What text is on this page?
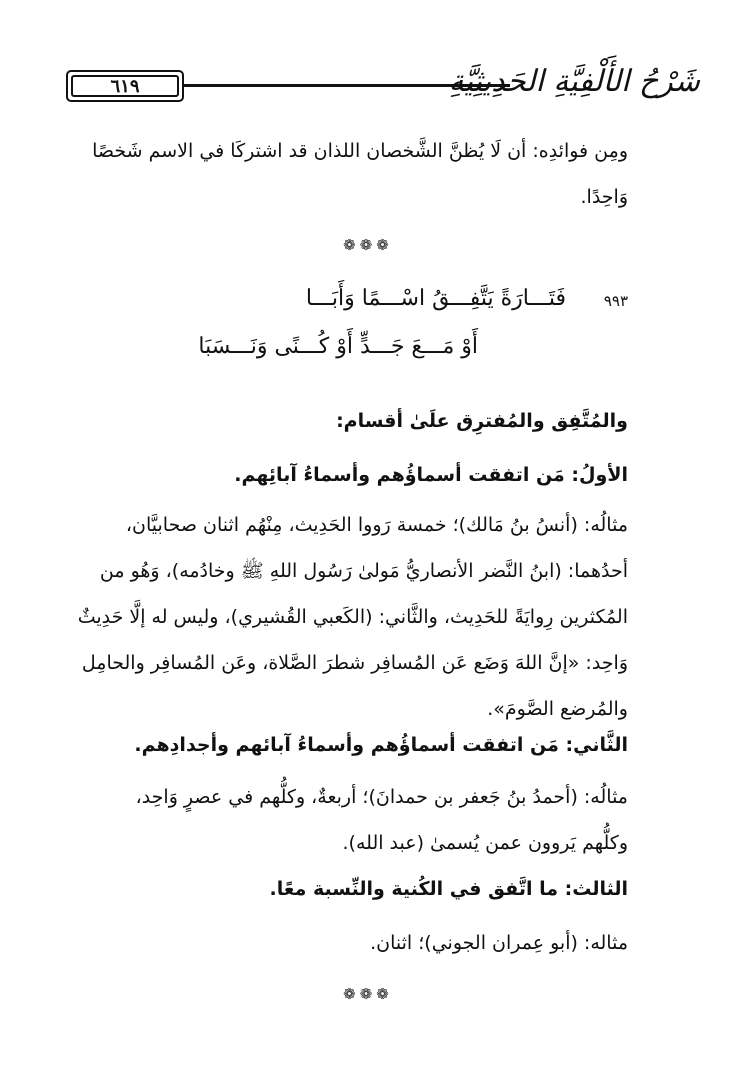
٦١٩	شَرْحُ الأَلْفِيَّةِ الحَدِيثِيَّةِ
ومِن فوائدِه: أن لَا يُظنَّ الشَّخصان اللذان قد اشتركَا في الاسم شَخصًا
وَاحِدًا.
❁❁❁
٩٩٣
فَتَـــارَةً يَتَّفِـــقُ اسْـــمًا وَأَبَـــا
أَوْ مَـــعَ جَـــدٍّ أَوْ كُـــنًى وَنَـــسَبَا
والمُتَّفِق والمُفترِق علَىٰ أقسام:
الأولُ: مَن اتفقت أسماؤُهم وأسماءُ آبائِهم.
مثالُه: (أنسُ بنُ مَالك)؛ خمسة رَووا الحَدِيث، مِنْهُم اثنان صحابيَّان،
أحدُهما: (ابنُ النَّضر الأنصاريُّ مَولىٰ رَسُول اللهِ ﷺ وخادُمه)، وَهُو من
المُكثرين رِوايَةً للحَدِيث، والثَّاني: (الكَعبي القُشيري)، وليس له إلَّا حَدِيثٌ
وَاحِد: «إنَّ اللهَ وَضَع عَن المُسافِر شطرَ الصَّلاة، وعَن المُسافِر والحامِل
والمُرضع الصَّومَ».
الثَّاني: مَن اتفقت أسماؤُهم وأسماءُ آبائهم وأجدادِهم.
مثالُه: (أحمدُ بنُ جَعفر بن حمدانَ)؛ أربعةٌ، وكلُّهم في عصرٍ وَاحِد،
وكلُّهم يَروون عمن يُسمىٰ (عبد الله).
الثالث: ما اتَّفق في الكُنية والنِّسبة معًا.
مثاله: (أبو عِمران الجوني)؛ اثنان.
❁❁❁
